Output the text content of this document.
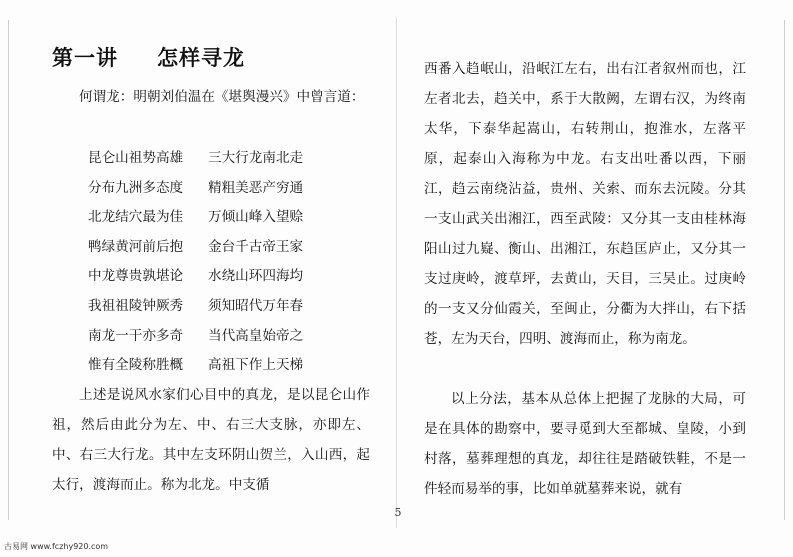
第一讲 怎样寻龙

何谓龙：明朝刘伯温在《堪舆漫兴》中曾言道：

昆仑山祖势高雄	三大行龙南北走
分布九洲多态度	精粗美恶产穷通
北龙结穴最为佳	万倾山峰入望赊
鸭绿黄河前后抱	金台千古帝王家
中龙尊贵孰堪论	水绕山环四海均
我祖祖陵钟厥秀	须知昭代万年春
南龙一干亦多奇	当代高皇始帝之
惟有全陵称胜概	高祖下作上天梯

上述是说风水家们心目中的真龙，是以昆仑山作祖，然后由此分为左、中、右三大支脉，亦即左、中、右三大行龙。其中左支环阴山贺兰，入山西，起太行，渡海而止。称为北龙。中支循

西番入趋岷山，沿岷江左右，出右江者叙州而也，江左者北去，趋关中，系于大散阙，左谓右汉，为终南太华，下泰华起嵩山，右转荆山，抱淮水，左落平原，起泰山入海称为中龙。右支出吐番以西，下丽江，趋云南绕沾益，贵州、关索、而东去沅陵。分其一支山武关出湘江，西至武陵：又分其一支由桂林海阳山过九嶷、衡山、出湘江，东趋匡庐止，又分其一支过庚岭，渡草坪，去黄山，天目，三吴止。过庚岭的一支又分仙霞关，至闽止，分衢为大拌山，右下括苍，左为天台，四明、渡海而止，称为南龙。

以上分法，基本从总体上把握了龙脉的大局，可是在具体的勘察中，要寻觅到大至都城、皇陵，小到村落，墓葬理想的真龙，却往往是踏破铁鞋，不是一件轻而易举的事，比如单就墓葬来说，就有

5
古易网 www.fczhy920.com
